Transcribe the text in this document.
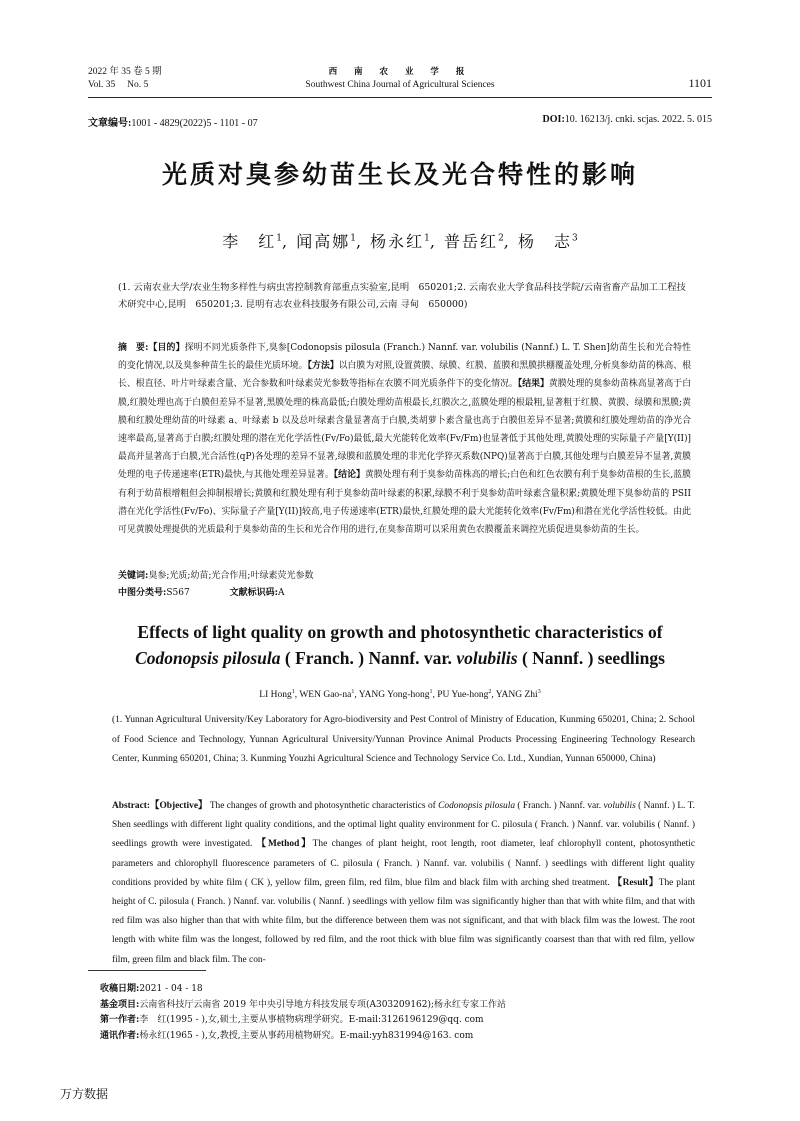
2022 年 35 卷 5 期
Vol. 35 No. 5
西 南 农 业 学 报
Southwest China Journal of Agricultural Sciences	1101
文章编号:1001 - 4829(2022)5 - 1101 - 07	DOI:10. 16213/j. cnki. scjas. 2022. 5. 015
光质对臭参幼苗生长及光合特性的影响
李　红$^1$, 闻高娜$^1$, 杨永红$^1$, 普岳红$^2$, 杨　志$^3$
(1. 云南农业大学/农业生物多样性与病虫害控制教育部重点实验室,昆明　650201;2. 云南农业大学食品科技学院/云南省畜产品加工工程技术研究中心,昆明　650201;3. 昆明有志农业科技服务有限公司,云南 寻甸　650000)
摘　要:【目的】探明不同光质条件下,臭参[Codonopsis pilosula (Franch.) Nannf. var. volubilis (Nannf.) L. T. Shen]幼苗生长和光合特性的变化情况,以及臭参种苗生长的最佳光质环境。【方法】以白膜为对照,设置黄膜、绿膜、红膜、蓝膜和黑膜拱棚覆盖处理,分析臭参幼苗的株高、根长、根直径、叶片叶绿素含量、光合参数和叶绿素荧光参数等指标在农膜不同光质条件下的变化情况。【结果】黄膜处理的臭参幼苗株高显著高于白膜,红膜处理也高于白膜但差异不显著,黑膜处理的株高最低;白膜处理幼苗根最长,红膜次之,蓝膜处理的根最粗,显著粗于红膜、黄膜、绿膜和黑膜;黄膜和红膜处理幼苗的叶绿素 a、叶绿素 b 以及总叶绿素含量显著高于白膜,类胡萝卜素含量也高于白膜但差异不显著;黄膜和红膜处理幼苗的净光合速率最高,显著高于白膜;红膜处理的潜在光化学活性(Fv/Fo)最低,最大光能转化效率(Fv/Fm)也显著低于其他处理,黄膜处理的实际量子产量[Y(II)]最高并显著高于白膜,光合活性(qP)各处理的差异不显著,绿膜和蓝膜处理的非光化学猝灭系数(NPQ)显著高于白膜,其他处理与白膜差异不显著,黄膜处理的电子传递速率(ETR)最快,与其他处理差异显著。【结论】黄膜处理有利于臭参幼苗株高的增长;白色和红色农膜有利于臭参幼苗根的生长,蓝膜有利于幼苗根增粗但会抑制根增长;黄膜和红膜处理有利于臭参幼苗叶绿素的积累,绿膜不利于臭参幼苗叶绿素含量积累;黄膜处理下臭参幼苗的 PSII 潜在光化学活性(Fv/Fo)、实际量子产量[Y(II)]较高,电子传递速率(ETR)最快,红膜处理的最大光能转化效率(Fv/Fm)和潜在光化学活性较低。由此可见黄膜处理提供的光质最利于臭参幼苗的生长和光合作用的进行,在臭参苗期可以采用黄色农膜覆盖来调控光质促进臭参幼苗的生长。
关键词:臭参;光质;幼苗;光合作用;叶绿素荧光参数
中图分类号:S567	文献标识码:A
Effects of light quality on growth and photosynthetic characteristics of
Codonopsis pilosula ( Franch. ) Nannf. var. volubilis ( Nannf. ) seedlings
LI Hong$^1$, WEN Gao-$na^1$, YANG Yong-hong$^1$, PU Yue-hong$^2$, YANG Zhi$^3$
(1. Yunnan Agricultural University/Key Laboratory for Agro-biodiversity and Pest Control of Ministry of Education, Kunming 650201, China; 2. School of Food Science and Technology, Yunnan Agricultural University/Yunnan Province Animal Products Processing Engineering Technology Research Center, Kunming 650201, China; 3. Kunming Youzhi Agricultural Science and Technology Service Co. Ltd., Xundian, Yunnan 650000, China)
Abstract:【Objective】 The changes of growth and photosynthetic characteristics of Codonopsis pilosula ( Franch. ) Nannf. var. volubilis ( Nannf. ) L. T. Shen seedlings with different light quality conditions, and the optimal light quality environment for C. pilosula ( Franch. ) Nannf. var. volubilis ( Nannf. ) seedlings growth were investigated. 【Method】The changes of plant height, root length, root diameter, leaf chlorophyll content, photosynthetic parameters and chlorophyll fluorescence parameters of C. pilosula ( Franch. ) Nannf. var. volubilis ( Nannf. ) seedlings with different light quality conditions provided by white film ( CK ), yellow film, green film, red film, blue film and black film with arching shed treatment. 【Result】The plant height of C. pilosula ( Franch. ) Nannf. var. volubilis ( Nannf. ) seedlings with yellow film was significantly higher than that with white film, and that with red film was also higher than that with white film, but the difference between them was not significant, and that with black film was the lowest. The root length with white film was the longest, followed by red film, and the root thick with blue film was significantly coarsest than that with red film, yellow film, green film and black film. The con-
收稿日期:2021 - 04 - 18
基金项目:云南省科技厅云南省 2019 年中央引导地方科技发展专项(A303209162);杨永红专家工作站
第一作者:李　红(1995 - ),女,硕士,主要从事植物病理学研究。E-mail:3126196129@qq. com
通讯作者:杨永红(1965 - ),女,教授,主要从事药用植物研究。E-mail:yyh831994@163. com
万方数据
